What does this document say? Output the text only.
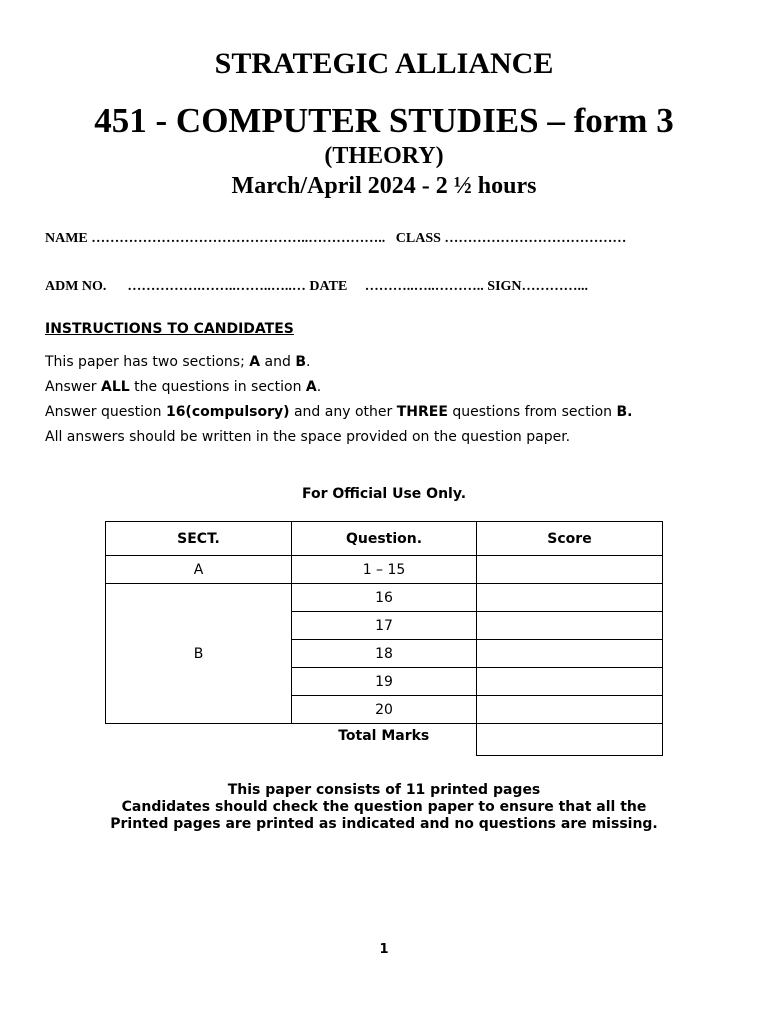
STRATEGIC ALLIANCE
451 - COMPUTER STUDIES – form 3
(THEORY)
March/April 2024 - 2 ½ hours
NAME ………………………………………..……………..   CLASS …………………………………
ADM NO.      …………….……..……..…..… DATE     ………..…..……….. SIGN…………...
INSTRUCTIONS TO CANDIDATES
This paper has two sections; A and B.
Answer ALL the questions in section A.
Answer question 16(compulsory) and any other THREE questions from section B.
All answers should be written in the space provided on the question paper.
For Official Use Only.
SECT.	Question.	Score
A	1 – 15	
B	16	
	17	
	18	
	19	
	20	
	Total Marks	
This paper consists of 11 printed pages
Candidates should check the question paper to ensure that all the
Printed pages are printed as indicated and no questions are missing.
1
